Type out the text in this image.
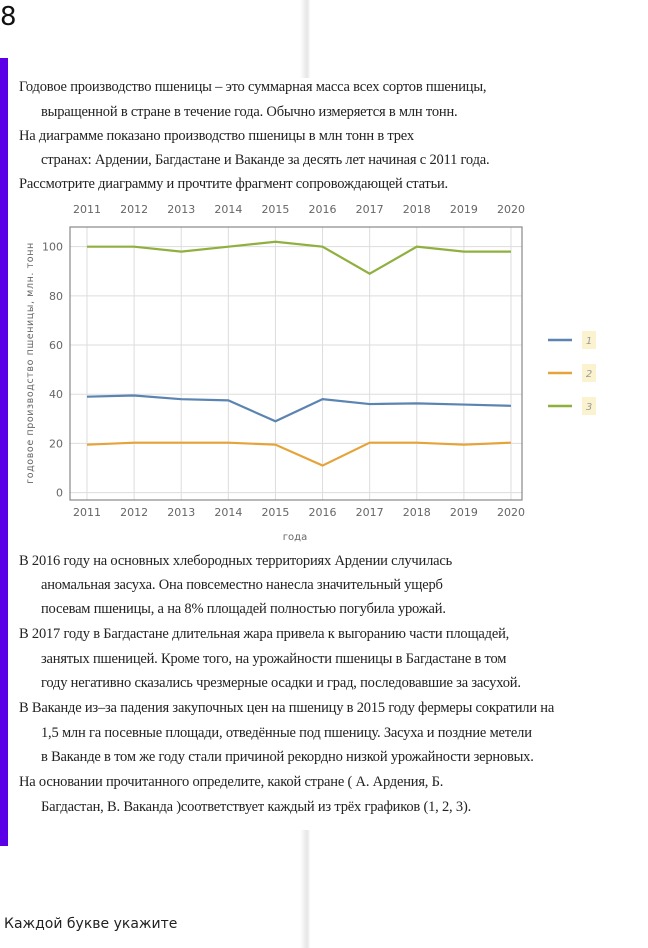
8
Годовое производство пшеницы – это суммарная масса всех сортов пшеницы,
выращенной в стране в течение года. Обычно измеряется в млн тонн.
На диаграмме показано производство пшеницы в млн тонн в трех
странах: Ардении, Багдастане и Ваканде за десять лет начиная с 2011 года.
Рассмотрите диаграмму и прочтите фрагмент сопровождающей статьи.
2011
2011
2012
2012
2013
2013
2014
2014
2015
2015
2016
2016
2017
2017
2018
2018
2019
2019
2020
2020
0
20
40
60
80
100
годовое производство пшеницы, млн. тонн
года
1
2
3
В 2016 году на основных хлебородных территориях Ардении случилась
аномальная засуха. Она повсеместно нанесла значительный ущерб
посевам пшеницы, а на 8% площадей полностью погубила урожай.
В 2017 году в Багдастане длительная жара привела к выгоранию части площадей,
занятых пшеницей. Кроме того, на урожайности пшеницы в Багдастане в том
году негативно сказались чрезмерные осадки и град, последовавшие за засухой.
В Ваканде из–за падения закупочных цен на пшеницу в 2015 году фермеры сократили на
1,5 млн га посевные площади, отведённые под пшеницу. Засуха и поздние метели
в Ваканде в том же году стали причиной рекордно низкой урожайности зерновых.
На основании прочитанного определите, какой стране ( А. Ардения, Б.
Багдастан, В. Ваканда )соответствует каждый из трёх графиков (1, 2, 3).
Каждой букве укажите
